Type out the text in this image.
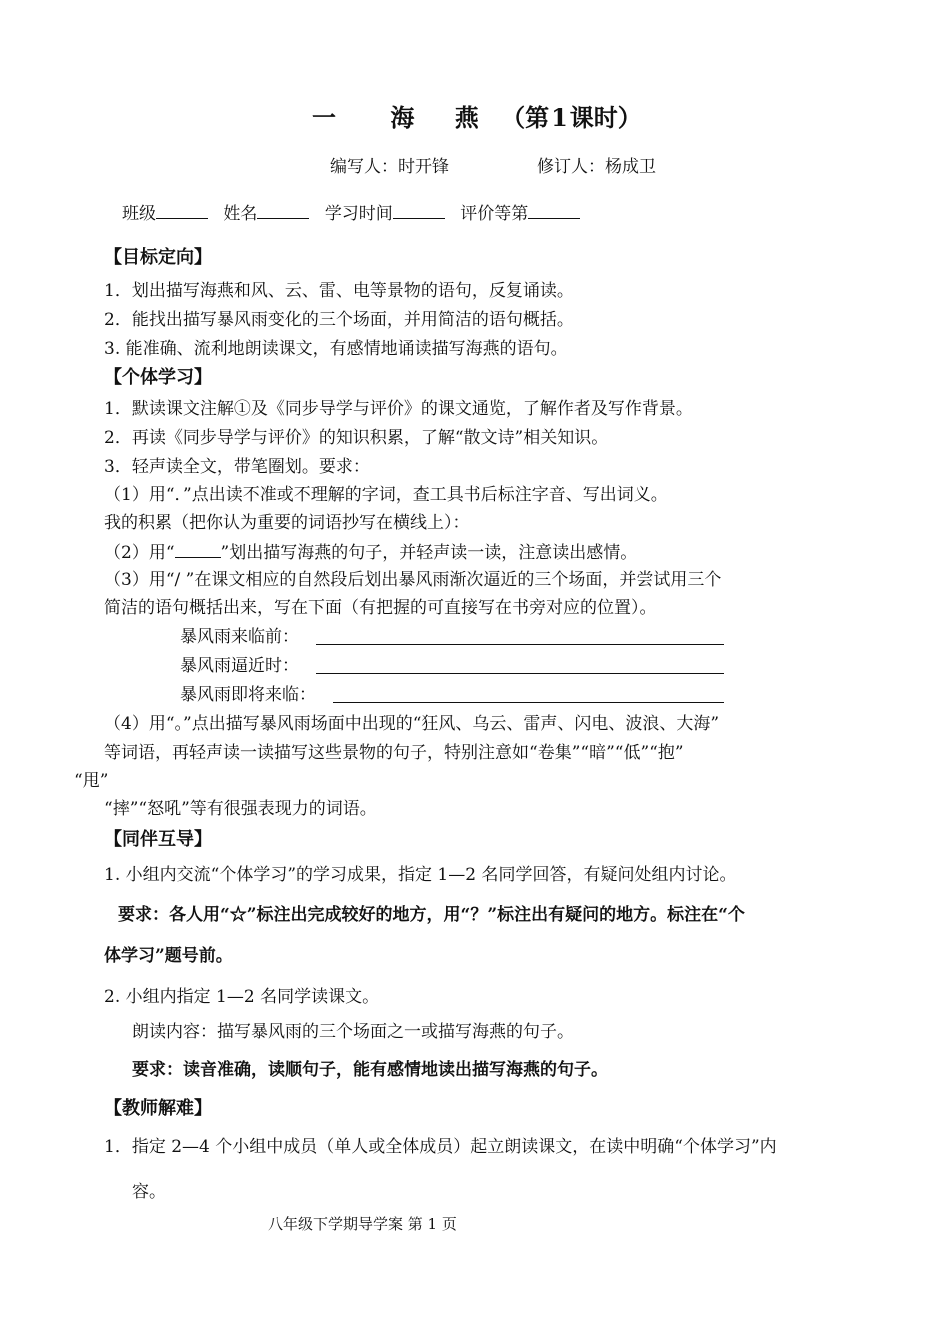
一 海 燕 （第1课时）
编写人：时开锋	修订人：杨成卫
班级	姓名	学习时间	评价等第
【目标定向】
1．划出描写海燕和风、云、雷、电等景物的语句，反复诵读。
2．能找出描写暴风雨变化的三个场面，并用简洁的语句概括。
3. 能准确、流利地朗读课文，有感情地诵读描写海燕的语句。
【个体学习】
1．默读课文注解①及《同步导学与评价》的课文通览，了解作者及写作背景。
2．再读《同步导学与评价》的知识积累，了解“散文诗”相关知识。
3．轻声读全文，带笔圈划。要求：
（1）用“．”点出读不准或不理解的字词，查工具书后标注字音、写出词义。
我的积累（把你认为重要的词语抄写在横线上）：
（2）用“	”划出描写海燕的句子，并轻声读一读，注意读出感情。
（3）用“/ ”在课文相应的自然段后划出暴风雨渐次逼近的三个场面，并尝试用三个
简洁的语句概括出来，写在下面（有把握的可直接写在书旁对应的位置）。
暴风雨来临前：
暴风雨逼近时：
暴风雨即将来临：
（4）用“。”点出描写暴风雨场面中出现的“狂风、乌云、雷声、闪电、波浪、大海”
等词语，再轻声读一读描写这些景物的句子，特别注意如“卷集”“暗”“低”“抱”
“甩”
“摔”“怒吼”等有很强表现力的词语。
【同伴互导】
1. 小组内交流“个体学习”的学习成果，指定 1—2 名同学回答，有疑问处组内讨论。
要求：各人用“☆”标注出完成较好的地方，用“？”标注出有疑问的地方。标注在“个
体学习”题号前。
2. 小组内指定 1—2 名同学读课文。
朗读内容：描写暴风雨的三个场面之一或描写海燕的句子。
要求：读音准确，读顺句子，能有感情地读出描写海燕的句子。
【教师解难】
1．指定 2—4 个小组中成员（单人或全体成员）起立朗读课文，在读中明确“个体学习”内
容。
八年级下学期导学案 第 1 页
